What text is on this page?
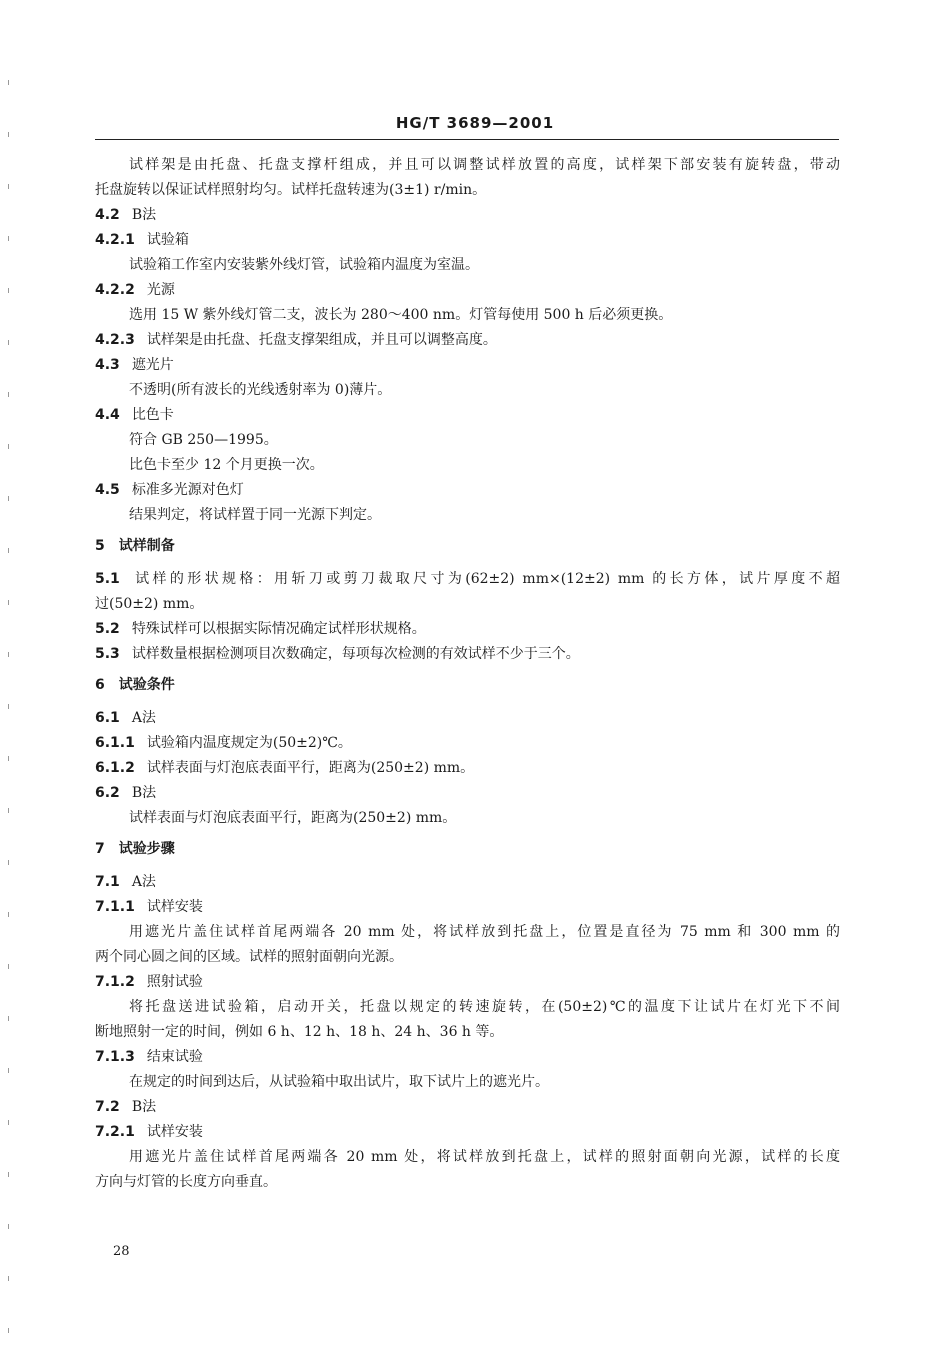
HG/T 3689—2001
试样架是由托盘、托盘支撑杆组成，并且可以调整试样放置的高度，试样架下部安装有旋转盘，带动
托盘旋转以保证试样照射均匀。试样托盘转速为(3±1) r/min。
4.2 B法
4.2.1 试验箱
试验箱工作室内安装紫外线灯管，试验箱内温度为室温。
4.2.2 光源
选用 15 W 紫外线灯管二支，波长为 280～400 nm。灯管每使用 500 h 后必须更换。
4.2.3 试样架是由托盘、托盘支撑架组成，并且可以调整高度。
4.3 遮光片
不透明(所有波长的光线透射率为 0)薄片。
4.4 比色卡
符合 GB 250—1995。
比色卡至少 12 个月更换一次。
4.5 标准多光源对色灯
结果判定，将试样置于同一光源下判定。
5 试样制备
5.1 试样的形状规格：用斩刀或剪刀裁取尺寸为(62±2) mm×(12±2) mm 的长方体，试片厚度不超
过(50±2) mm。
5.2 特殊试样可以根据实际情况确定试样形状规格。
5.3 试样数量根据检测项目次数确定，每项每次检测的有效试样不少于三个。
6 试验条件
6.1 A法
6.1.1 试验箱内温度规定为(50±2)℃。
6.1.2 试样表面与灯泡底表面平行，距离为(250±2) mm。
6.2 B法
试样表面与灯泡底表面平行，距离为(250±2) mm。
7 试验步骤
7.1 A法
7.1.1 试样安装
用遮光片盖住试样首尾两端各 20 mm 处，将试样放到托盘上，位置是直径为 75 mm 和 300 mm 的
两个同心圆之间的区域。试样的照射面朝向光源。
7.1.2 照射试验
将托盘送进试验箱，启动开关，托盘以规定的转速旋转，在(50±2)℃的温度下让试片在灯光下不间
断地照射一定的时间，例如 6 h、12 h、18 h、24 h、36 h 等。
7.1.3 结束试验
在规定的时间到达后，从试验箱中取出试片，取下试片上的遮光片。
7.2 B法
7.2.1 试样安装
用遮光片盖住试样首尾两端各 20 mm 处，将试样放到托盘上，试样的照射面朝向光源，试样的长度
方向与灯管的长度方向垂直。
28
